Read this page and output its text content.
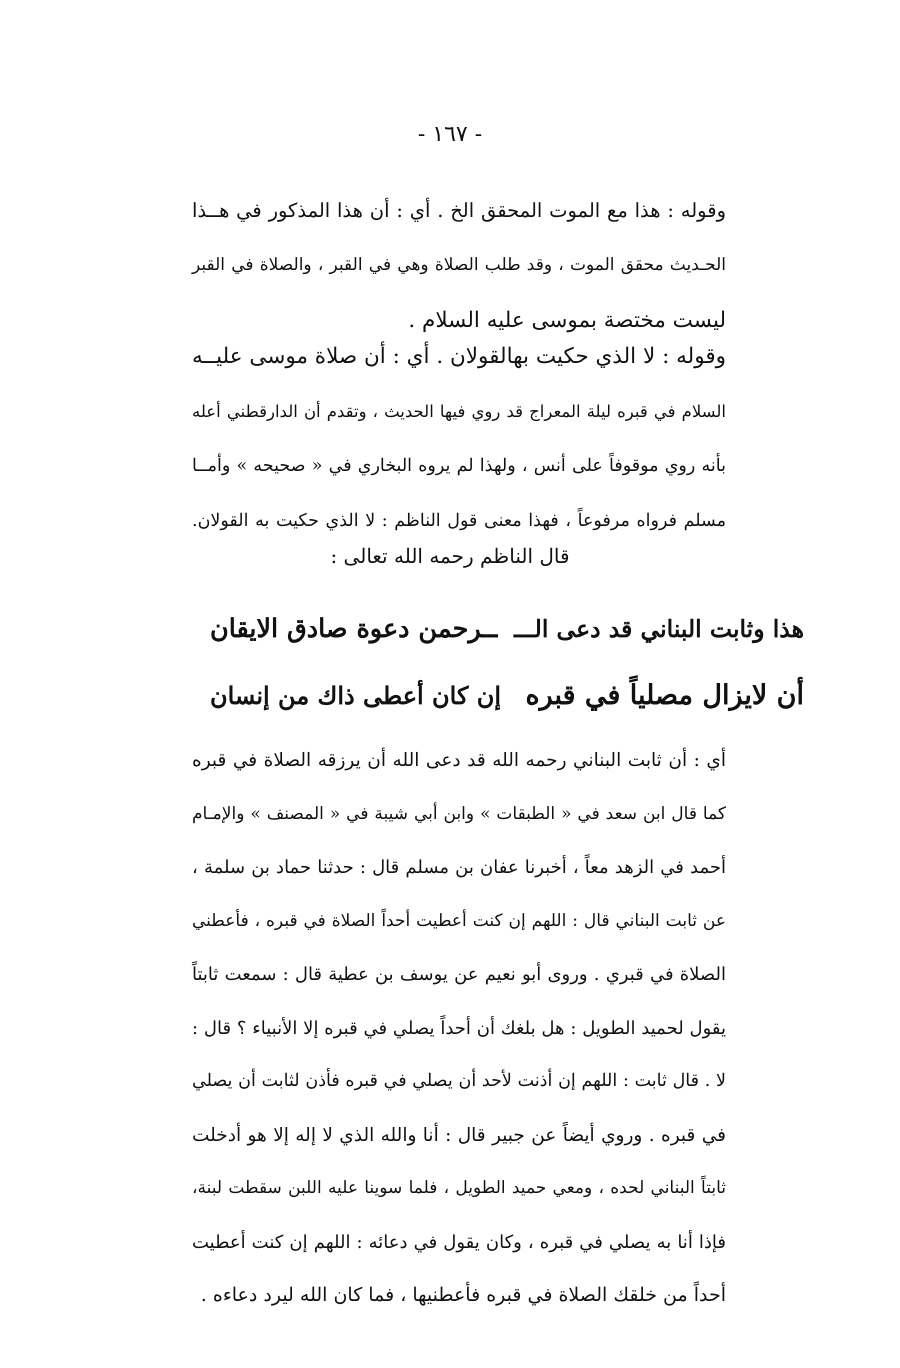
- ١٦٧ -
وقوله : هذا مع الموت المحقق الخ . أي : أن هذا المذكور في هــذا
الحـديث محقق الموت ، وقد طلب الصلاة وهي في القبر ، والصلاة في القبر
ليست مختصة بموسى عليه السلام .
وقوله : لا الذي حكيت بهالقولان . أي : أن صلاة موسى عليــه
السلام في قبره ليلة المعراج قد روي فيها الحديث ، وتقدم أن الدارقطني أعله
بأنه روي موقوفاً على أنس ، ولهذا لم يروه البخاري في « صحيحه » وأمــا
مسلم فرواه مرفوعاً ، فهذا معنى قول الناظم : لا الذي حكيت به القولان.
قال الناظم رحمه الله تعالى :
هذا وثابت البناني قد دعى الـــ
ــرحمن دعوة صادق الايقان
أن لايزال مصلياً في قبره
إن كان أعطى ذاك من إنسان
أي : أن ثابت البناني رحمه الله قد دعى الله أن يرزقه الصلاة في قبره
كما قال ابن سعد في « الطبقات » وابن أبي شيبة في « المصنف » والإمـام
أحمد في الزهد معاً ، أخبرنا عفان بن مسلم قال : حدثنا حماد بن سلمة ،
عن ثابت البناني قال : اللهم إن كنت أعطيت أحداً الصلاة في قبره ، فأعطني
الصلاة في قبري . وروى أبو نعيم عن يوسف بن عطية قال : سمعت ثابتاً
يقول لحميد الطويل : هل بلغك أن أحداً يصلي في قبره إلا الأنبياء ؟ قال :
لا . قال ثابت : اللهم إن أذنت لأحد أن يصلي في قبره فأذن لثابت أن يصلي
في قبره . وروي أيضاً عن جبير قال : أنا والله الذي لا إله إلا هو أدخلت
ثابتاً البناني لحده ، ومعي حميد الطويل ، فلما سوينا عليه اللبن سقطت لبنة،
فإذا أنا به يصلي في قبره ، وكان يقول في دعائه : اللهم إن كنت أعطيت
أحداً من خلقك الصلاة في قبره فأعطنيها ، فما كان الله ليرد دعاءه .
